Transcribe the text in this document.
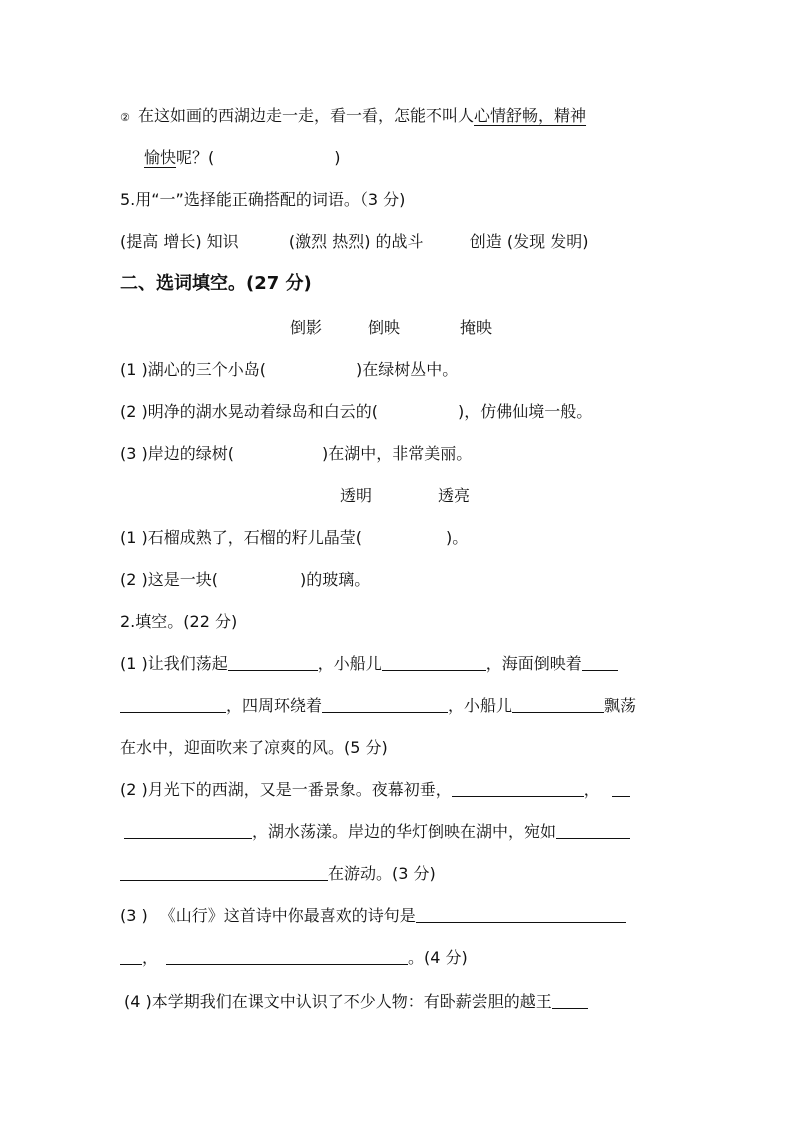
② 在这如画的西湖边走一走，看一看，怎能不叫人心情舒畅，精神
愉快呢？(	)
5.用“一”选择能正确搭配的词语。（3 分)
(提高 增长) 知识	(激烈 热烈) 的战斗	创造 (发现 发明)
二、选词填空。(27 分)
倒影	倒映	掩映
(1 )湖心的三个小岛(	)在绿树丛中。
(2 )明净的湖水晃动着绿岛和白云的(	)，仿佛仙境一般。
(3 )岸边的绿树(	)在湖中，非常美丽。
透明	透亮
(1 )石榴成熟了，石榴的籽儿晶莹(	)。
(2 )这是一块(	)的玻璃。
2.填空。(22 分)
(1 )让我们荡起	，小船儿	，海面倒映着
，四周环绕着	，小船儿	飘荡
在水中，迎面吹来了凉爽的风。(5 分)
(2 )月光下的西湖，又是一番景象。夜幕初垂，	，
，湖水荡漾。岸边的华灯倒映在湖中，宛如
在游动。(3 分)
(3 ) 《山行》这首诗中你最喜欢的诗句是
，	。(4 分)
(4 )本学期我们在课文中认识了不少人物：有卧薪尝胆的越王
